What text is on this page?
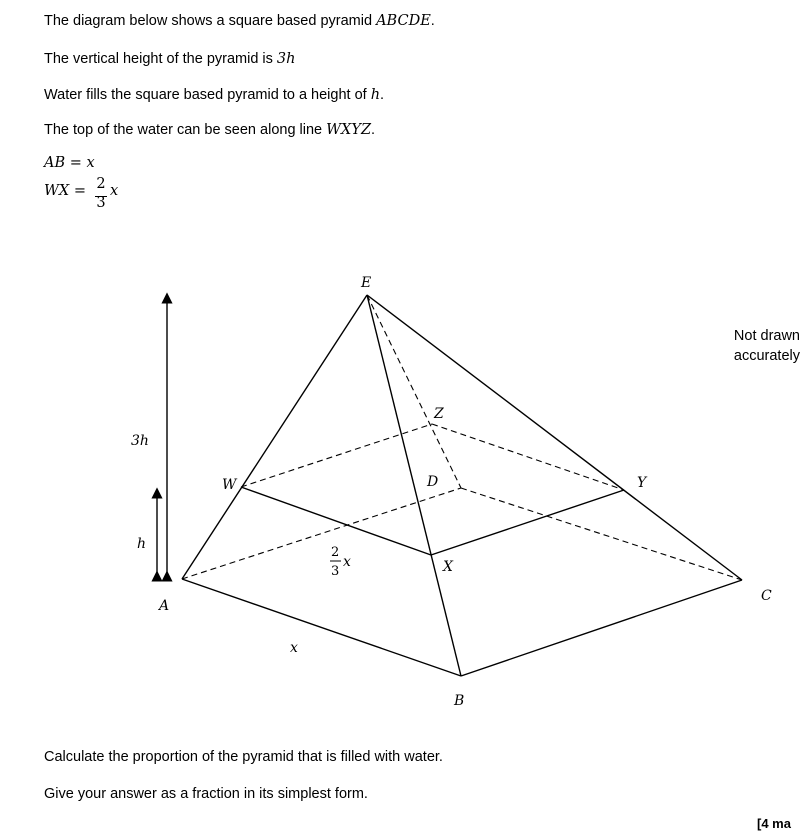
The diagram below shows a square based pyramid ABCDE.
The vertical height of the pyramid is 3h
Water fills the square based pyramid to a height of h.
The top of the water can be seen along line WXYZ.
AB = x
WX = 2
3
x
E
A
B
C
D
W
X
Y
Z
3h
h
x
2
3
x
Not drawn
accurately
Calculate the proportion of the pyramid that is filled with water.
Give your answer as a fraction in its simplest form.
[4 ma
